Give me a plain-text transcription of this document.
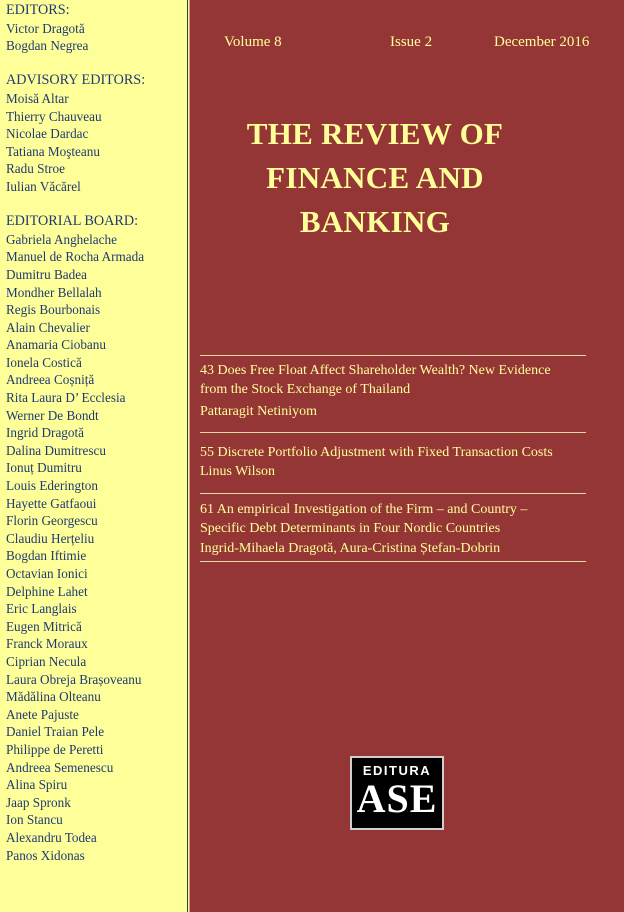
EDITORS:
Victor Dragotă
Bogdan Negrea
ADVISORY EDITORS:
Moisă Altar
Thierry Chauveau
Nicolae Dardac
Tatiana Moşteanu
Radu Stroe
Iulian Văcărel
EDITORIAL BOARD:
Gabriela Anghelache
Manuel de Rocha Armada
Dumitru Badea
Mondher Bellalah
Regis Bourbonais
Alain Chevalier
Anamaria Ciobanu
Ionela Costică
Andreea Coșniță
Rita Laura D’ Ecclesia
Werner De Bondt
Ingrid Dragotă
Dalina Dumitrescu
Ionuț Dumitru
Louis Ederington
Hayette Gatfaoui
Florin Georgescu
Claudiu Herțeliu
Bogdan Iftimie
Octavian Ionici
Delphine Lahet
Eric Langlais
Eugen Mitrică
Franck Moraux
Ciprian Necula
Laura Obreja Brașoveanu
Mădălina Olteanu
Anete Pajuste
Daniel Traian Pele
Philippe de Peretti
Andreea Semenescu
Alina Spiru
Jaap Spronk
Ion Stancu
Alexandru Todea
Panos Xidonas
Volume 8	Issue 2	December 2016
THE REVIEW OF
FINANCE AND
BANKING
43 Does Free Float Affect Shareholder Wealth? New Evidence
from the Stock Exchange of Thailand
Pattaragit Netiniyom
55 Discrete Portfolio Adjustment with Fixed Transaction Costs
Linus Wilson
61 An empirical Investigation of the Firm – and Country –
Specific Debt Determinants in Four Nordic Countries
Ingrid-Mihaela Dragotă, Aura-Cristina Ștefan-Dobrin
EDITURA
ASE
